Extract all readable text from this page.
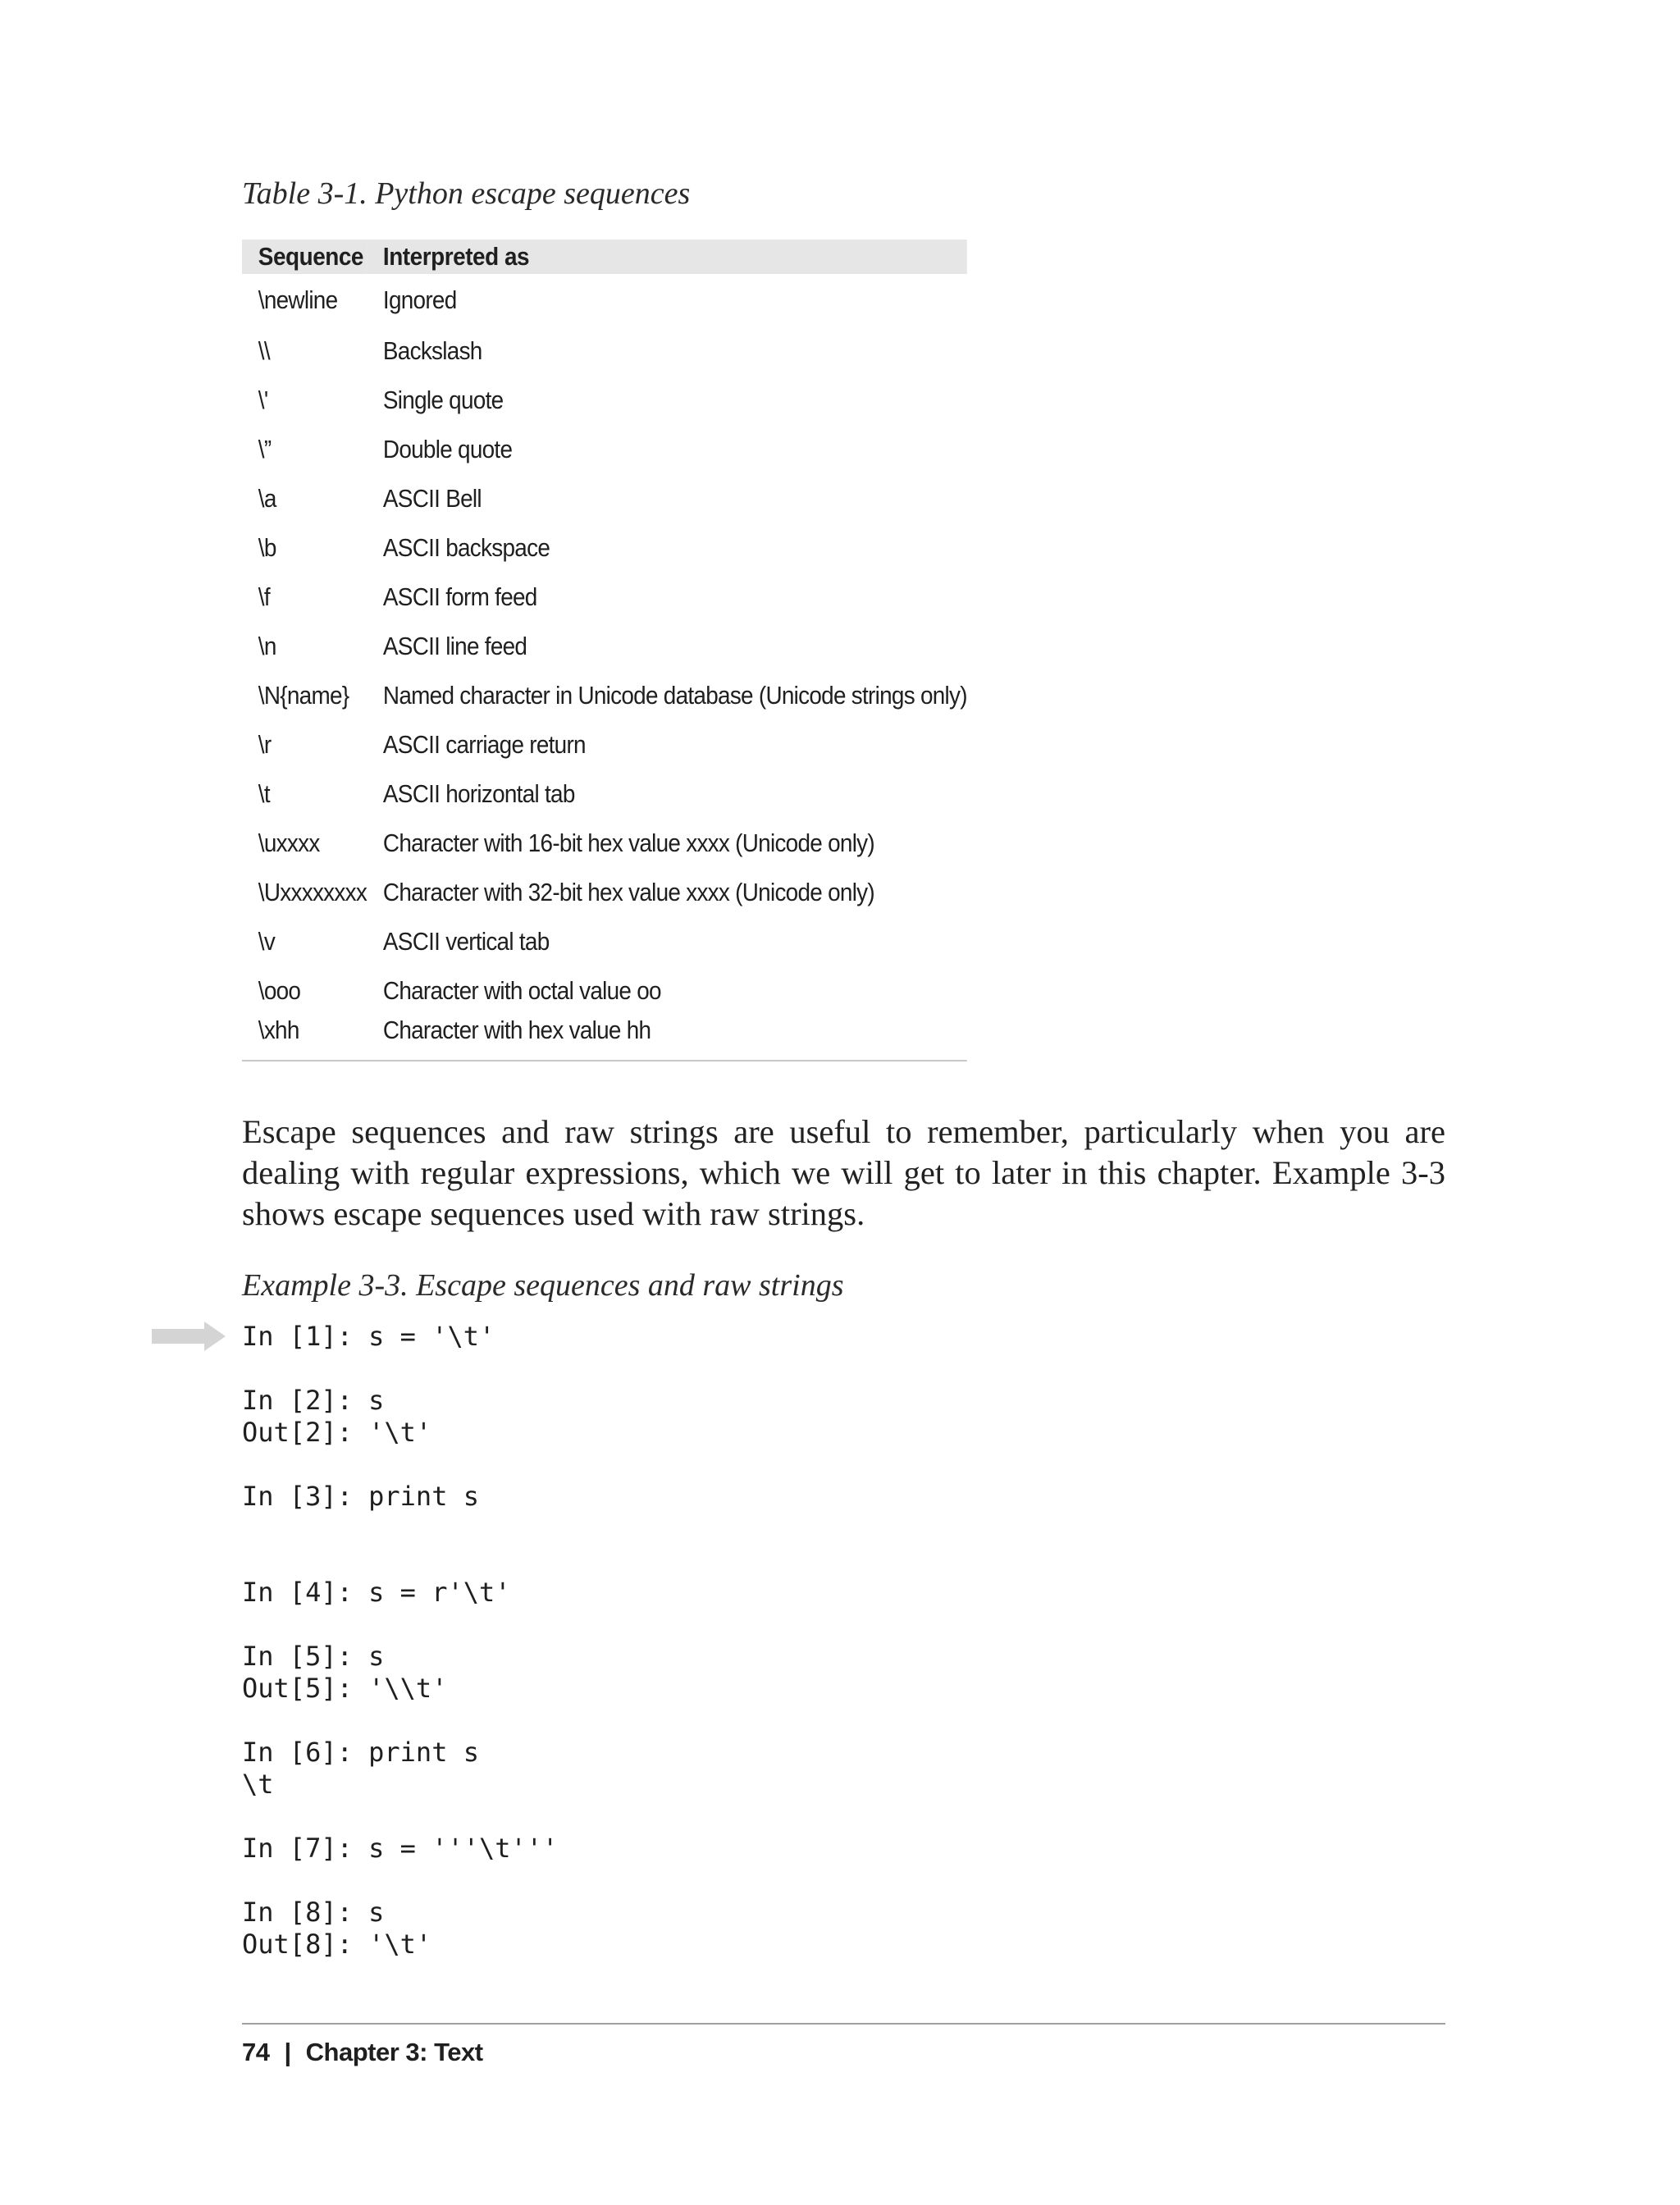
Table 3-1. Python escape sequences

Sequence	Interpreted as
\newline	Ignored
\\	Backslash
\'	Single quote
\”	Double quote
\a	ASCII Bell
\b	ASCII backspace
\f	ASCII form feed
\n	ASCII line feed
\N{name}	Named character in Unicode database (Unicode strings only)
\r	ASCII carriage return
\t	ASCII horizontal tab
\uxxxx	Character with 16-bit hex value xxxx (Unicode only)
\Uxxxxxxxx	Character with 32-bit hex value xxxx (Unicode only)
\v	ASCII vertical tab
\ooo	Character with octal value oo
\xhh	Character with hex value hh

Escape sequences and raw strings are useful to remember, particularly when you are dealing with regular expressions, which we will get to later in this chapter. Example 3-3 shows escape sequences used with raw strings.

Example 3-3. Escape sequences and raw strings

In [1]: s = '\t'
In [2]: s
Out[2]: '\t'
In [3]: print s
In [4]: s = r'\t'
In [5]: s
Out[5]: '\\t'
In [6]: print s
\t
In [7]: s = '''\t'''
In [8]: s
Out[8]: '\t'
74 | Chapter 3: Text
